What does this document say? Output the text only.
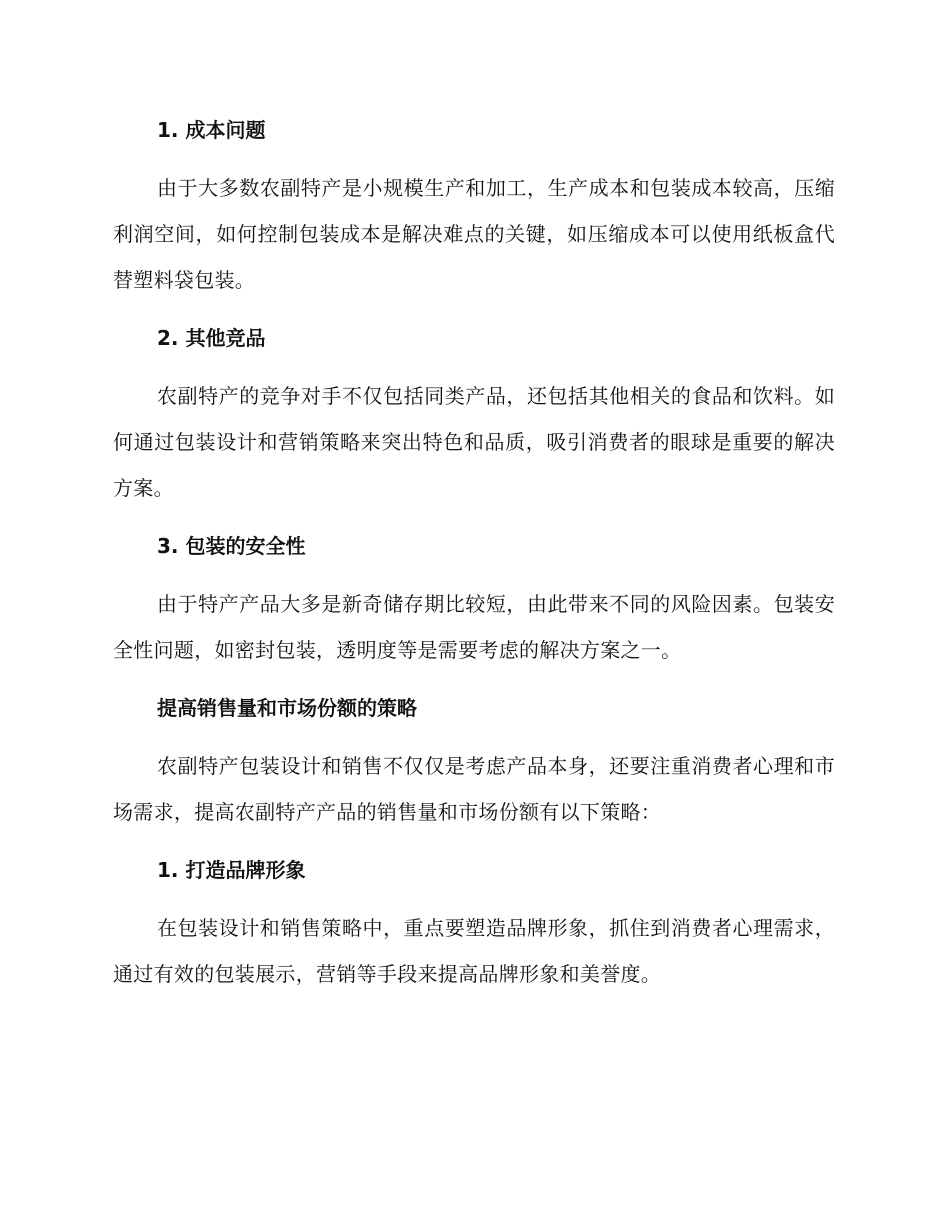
1. 成本问题

由于大多数农副特产是小规模生产和加工，生产成本和包装成本较高，压缩利润空间，如何控制包装成本是解决难点的关键，如压缩成本可以使用纸板盒代替塑料袋包装。

2. 其他竞品

农副特产的竞争对手不仅包括同类产品，还包括其他相关的食品和饮料。如何通过包装设计和营销策略来突出特色和品质，吸引消费者的眼球是重要的解决方案。

3. 包装的安全性

由于特产产品大多是新奇储存期比较短，由此带来不同的风险因素。包装安全性问题，如密封包装，透明度等是需要考虑的解决方案之一。

提高销售量和市场份额的策略

农副特产包装设计和销售不仅仅是考虑产品本身，还要注重消费者心理和市场需求，提高农副特产产品的销售量和市场份额有以下策略：

1. 打造品牌形象

在包装设计和销售策略中，重点要塑造品牌形象，抓住到消费者心理需求，通过有效的包装展示，营销等手段来提高品牌形象和美誉度。
